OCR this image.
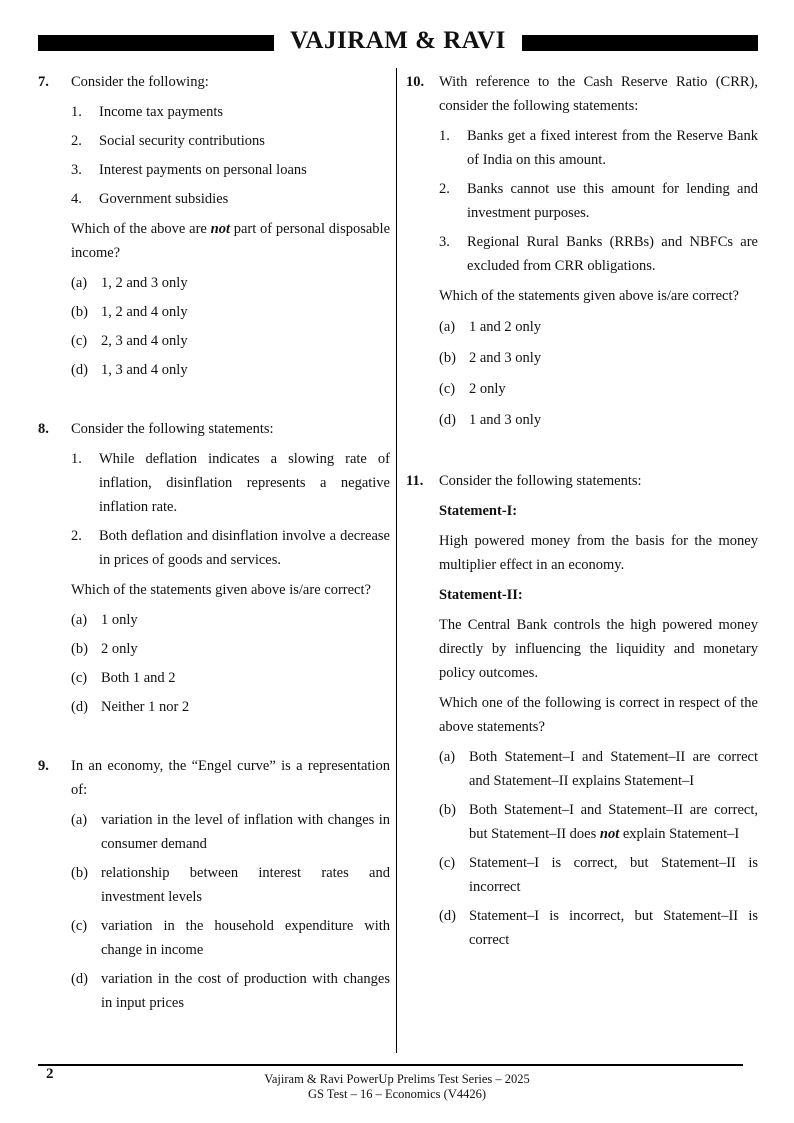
VAJIRAM & RAVI
7. Consider the following:
1. Income tax payments
2. Social security contributions
3. Interest payments on personal loans
4. Government subsidies
Which of the above are not part of personal disposable income?
(a) 1, 2 and 3 only
(b) 1, 2 and 4 only
(c) 2, 3 and 4 only
(d) 1, 3 and 4 only
8. Consider the following statements:
1. While deflation indicates a slowing rate of inflation, disinflation represents a negative inflation rate.
2. Both deflation and disinflation involve a decrease in prices of goods and services.
Which of the statements given above is/are correct?
(a) 1 only
(b) 2 only
(c) Both 1 and 2
(d) Neither 1 nor 2
9. In an economy, the “Engel curve” is a representation of:
(a) variation in the level of inflation with changes in consumer demand
(b) relationship between interest rates and investment levels
(c) variation in the household expenditure with change in income
(d) variation in the cost of production with changes in input prices
10. With reference to the Cash Reserve Ratio (CRR), consider the following statements:
1. Banks get a fixed interest from the Reserve Bank of India on this amount.
2. Banks cannot use this amount for lending and investment purposes.
3. Regional Rural Banks (RRBs) and NBFCs are excluded from CRR obligations.
Which of the statements given above is/are correct?
(a) 1 and 2 only
(b) 2 and 3 only
(c) 2 only
(d) 1 and 3 only
11. Consider the following statements:
Statement-I:
High powered money from the basis for the money multiplier effect in an economy.
Statement-II:
The Central Bank controls the high powered money directly by influencing the liquidity and monetary policy outcomes.
Which one of the following is correct in respect of the above statements?
(a) Both Statement–I and Statement–II are correct and Statement–II explains Statement–I
(b) Both Statement–I and Statement–II are correct, but Statement–II does not explain Statement–I
(c) Statement–I is correct, but Statement–II is incorrect
(d) Statement–I is incorrect, but Statement–II is correct
2	Vajiram & Ravi PowerUp Prelims Test Series – 2025
GS Test – 16 – Economics (V4426)
